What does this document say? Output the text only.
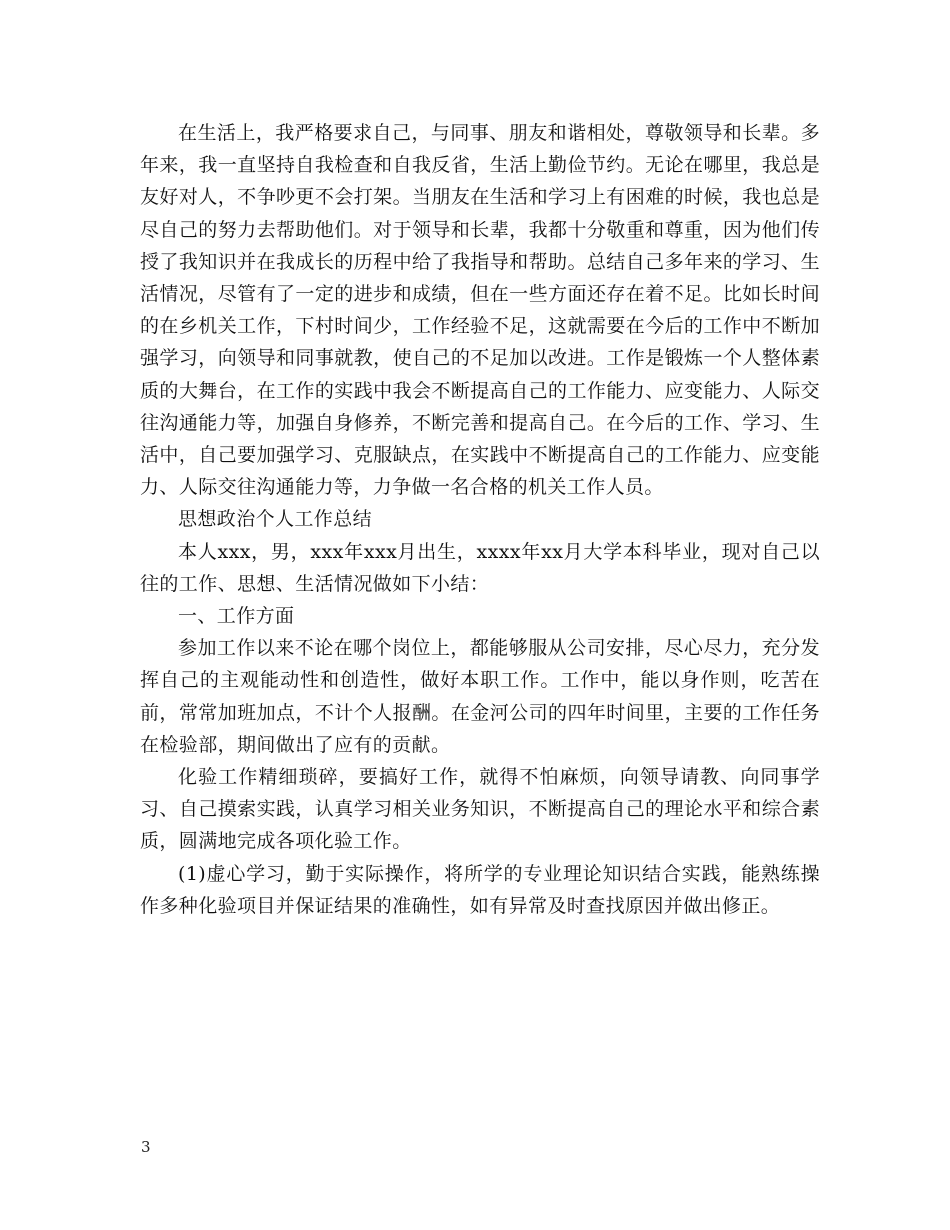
在生活上，我严格要求自己，与同事、朋友和谐相处，尊敬领导和长辈。多年来，我一直坚持自我检查和自我反省，生活上勤俭节约。无论在哪里，我总是友好对人，不争吵更不会打架。当朋友在生活和学习上有困难的时候，我也总是尽自己的努力去帮助他们。对于领导和长辈，我都十分敬重和尊重，因为他们传授了我知识并在我成长的历程中给了我指导和帮助。总结自己多年来的学习、生活情况，尽管有了一定的进步和成绩，但在一些方面还存在着不足。比如长时间的在乡机关工作，下村时间少，工作经验不足，这就需要在今后的工作中不断加强学习，向领导和同事就教，使自己的不足加以改进。工作是锻炼一个人整体素质的大舞台，在工作的实践中我会不断提高自己的工作能力、应变能力、人际交往沟通能力等，加强自身修养，不断完善和提高自己。在今后的工作、学习、生活中，自己要加强学习、克服缺点，在实践中不断提高自己的工作能力、应变能力、人际交往沟通能力等，力争做一名合格的机关工作人员。

思想政治个人工作总结

本人xxx，男，xxx年xxx月出生，xxxx年xx月大学本科毕业，现对自己以往的工作、思想、生活情况做如下小结：

一、工作方面

参加工作以来不论在哪个岗位上，都能够服从公司安排，尽心尽力，充分发挥自己的主观能动性和创造性，做好本职工作。工作中，能以身作则，吃苦在前，常常加班加点，不计个人报酬。在金河公司的四年时间里，主要的工作任务在检验部，期间做出了应有的贡献。

化验工作精细琐碎，要搞好工作，就得不怕麻烦，向领导请教、向同事学习、自己摸索实践，认真学习相关业务知识，不断提高自己的理论水平和综合素质，圆满地完成各项化验工作。

(1)虚心学习，勤于实际操作，将所学的专业理论知识结合实践，能熟练操作多种化验项目并保证结果的准确性，如有异常及时查找原因并做出修正。

3
